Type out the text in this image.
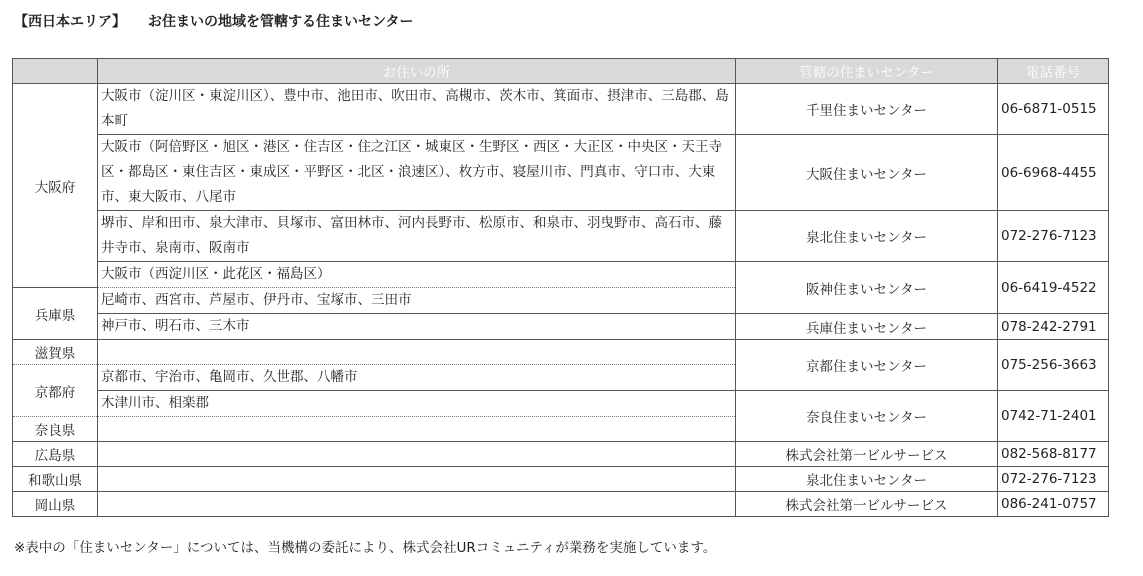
【西日本エリア】 お住まいの地域を管轄する住まいセンター
	お住いの所	管轄の住まいセンター	電話番号
大阪府	大阪市（淀川区・東淀川区）、豊中市、池田市、吹田市、高槻市、茨木市、箕面市、摂津市、三島郡、島本町	千里住まいセンター	06-6871-0515
	大阪市（阿倍野区・旭区・港区・住吉区・住之江区・城東区・生野区・西区・大正区・中央区・天王寺区・都島区・東住吉区・東成区・平野区・北区・浪速区）、枚方市、寝屋川市、門真市、守口市、大東市、東大阪市、八尾市	大阪住まいセンター	06-6968-4455
	堺市、岸和田市、泉大津市、貝塚市、富田林市、河内長野市、松原市、和泉市、羽曳野市、高石市、藤井寺市、泉南市、阪南市	泉北住まいセンター	072-276-7123
	大阪市（西淀川区・此花区・福島区）	阪神住まいセンター	06-6419-4522
兵庫県	尼崎市、西宮市、芦屋市、伊丹市、宝塚市、三田市		
	神戸市、明石市、三木市	兵庫住まいセンター	078-242-2791
滋賀県		京都住まいセンター	075-256-3663
京都府	京都市、宇治市、亀岡市、久世郡、八幡市		
	木津川市、相楽郡	奈良住まいセンター	0742-71-2401
奈良県			
広島県		株式会社第一ビルサービス	082-568-8177
和歌山県		泉北住まいセンター	072-276-7123
岡山県		株式会社第一ビルサービス	086-241-0757
※表中の「住まいセンター」については、当機構の委託により、株式会社URコミュニティが業務を実施しています。
